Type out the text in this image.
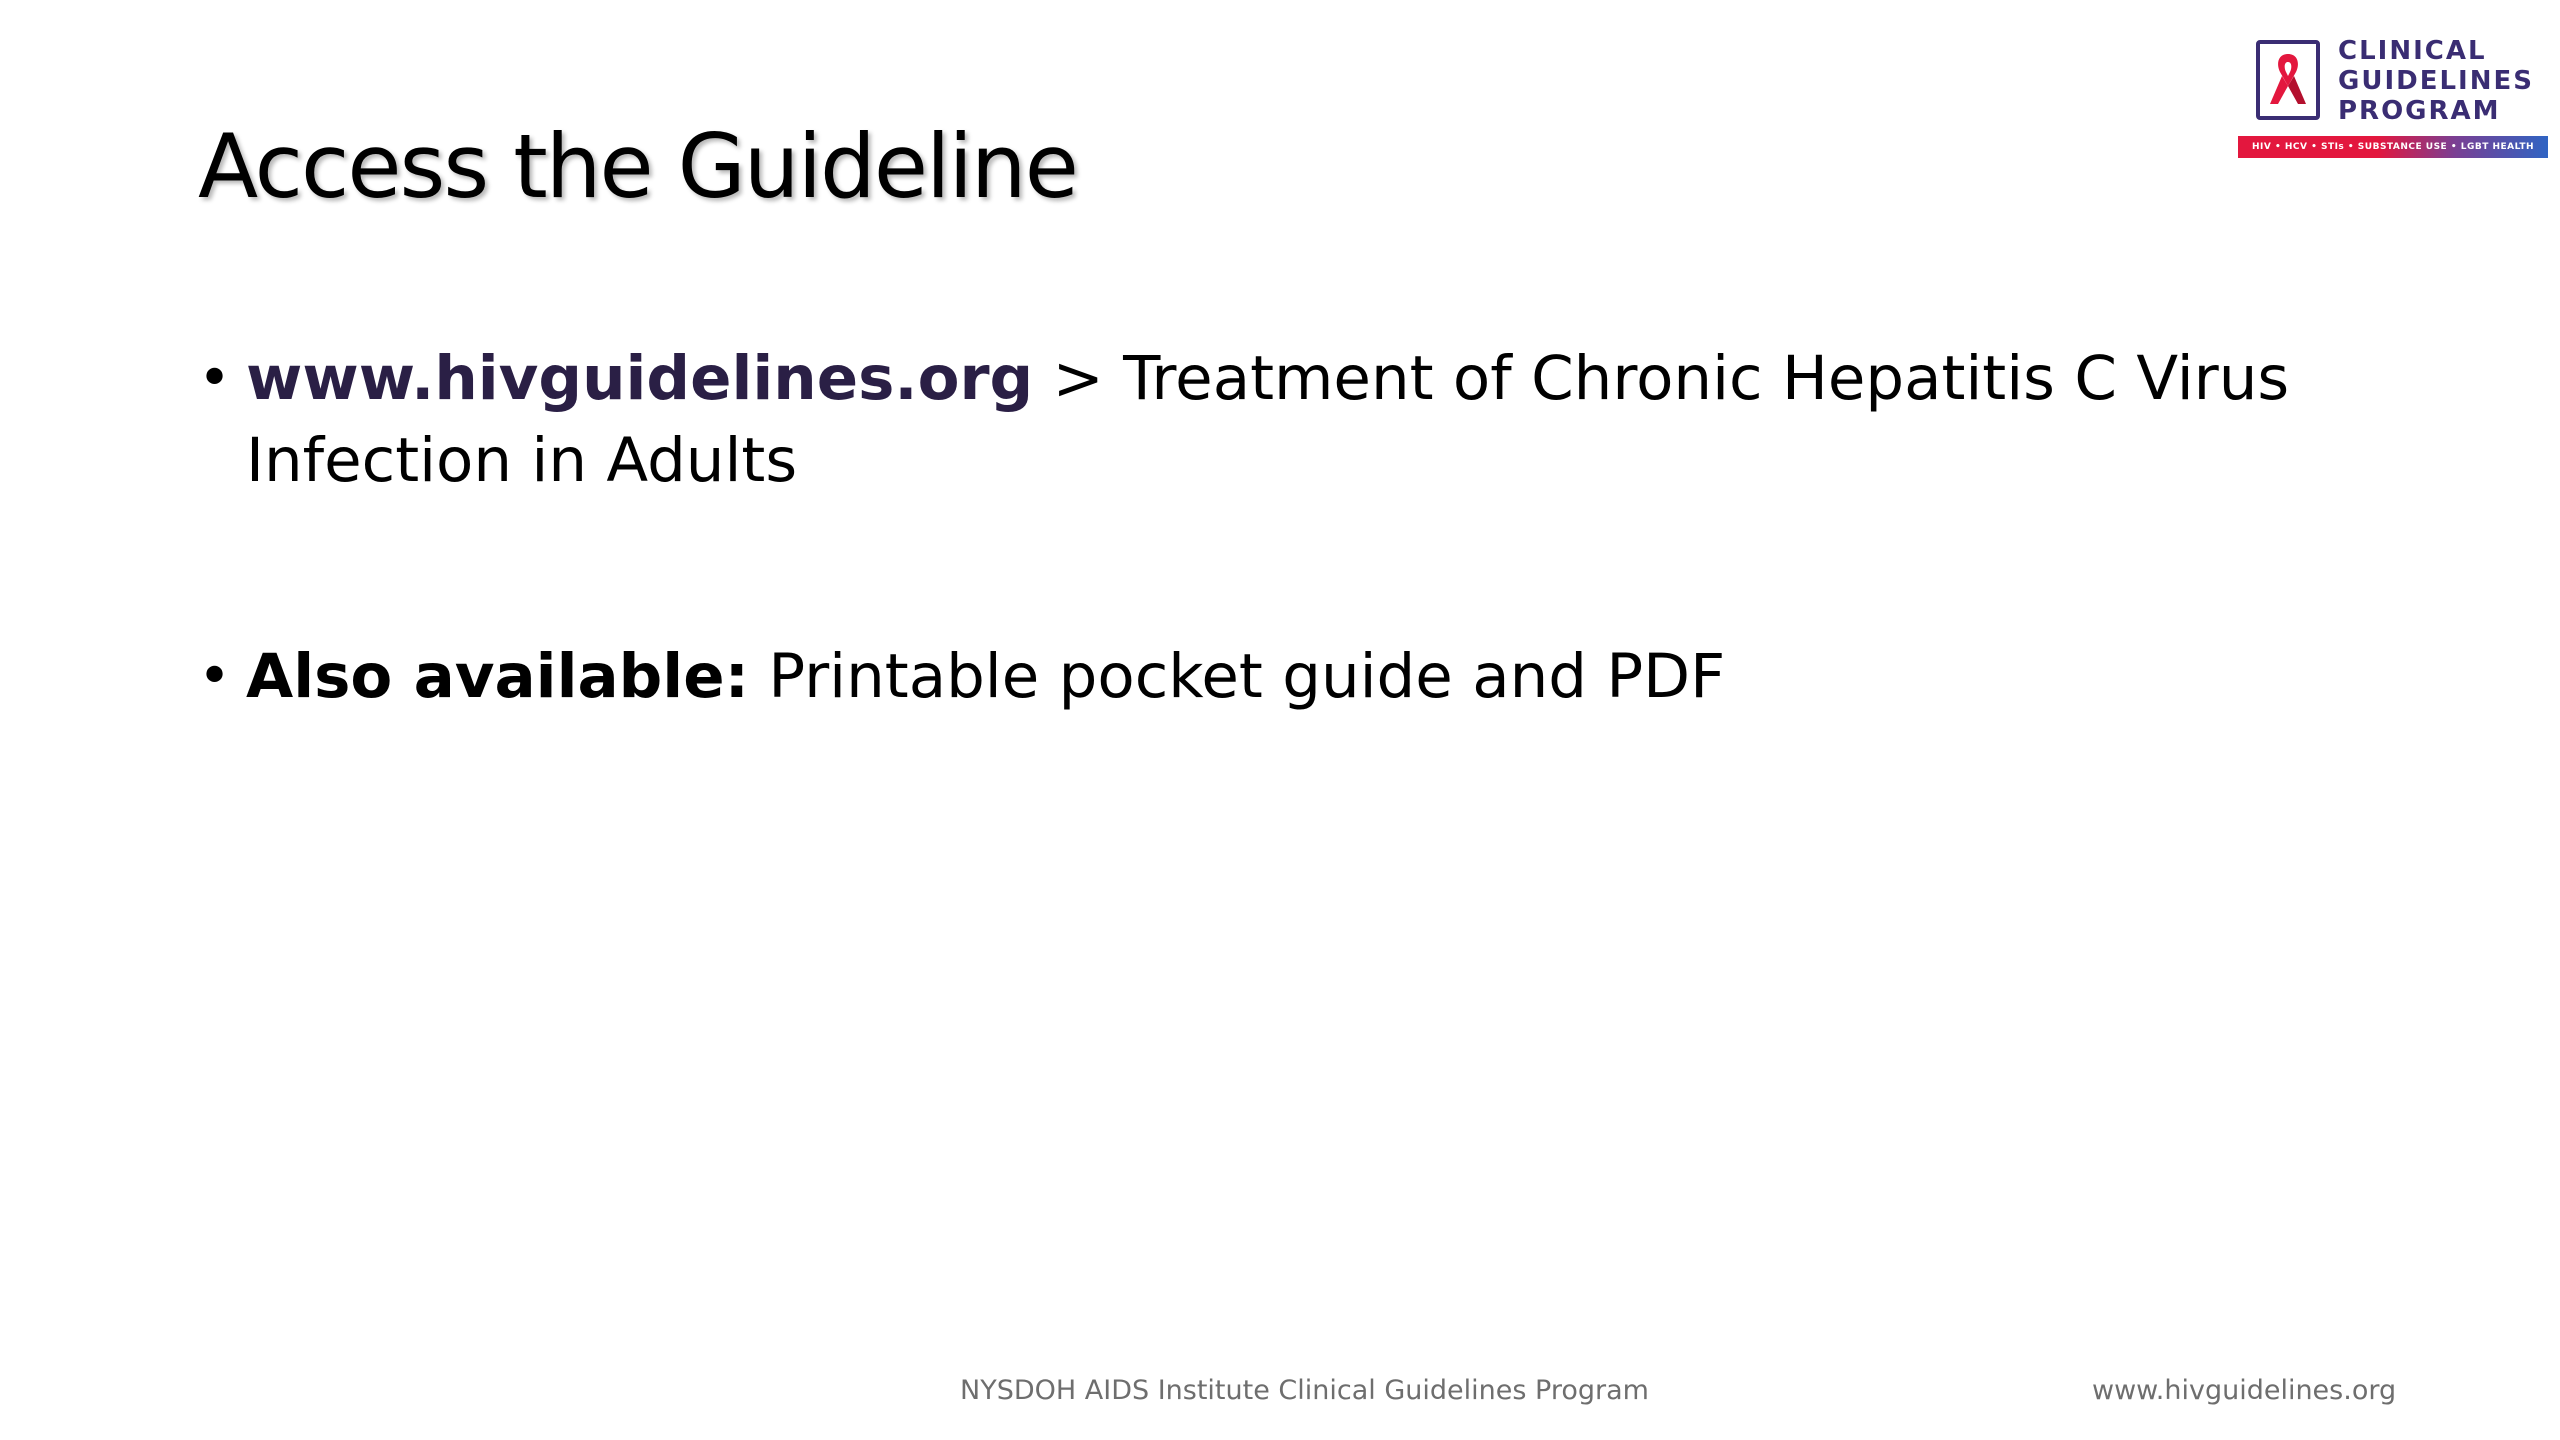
Access the Guideline
CLINICAL
GUIDELINES
PROGRAM
HIV • HCV • STIs • SUBSTANCE USE • LGBT HEALTH
• www.hivguidelines.org > Treatment of Chronic Hepatitis C Virus Infection in Adults
• Also available: Printable pocket guide and PDF
NYSDOH AIDS Institute Clinical Guidelines Program	www.hivguidelines.org
